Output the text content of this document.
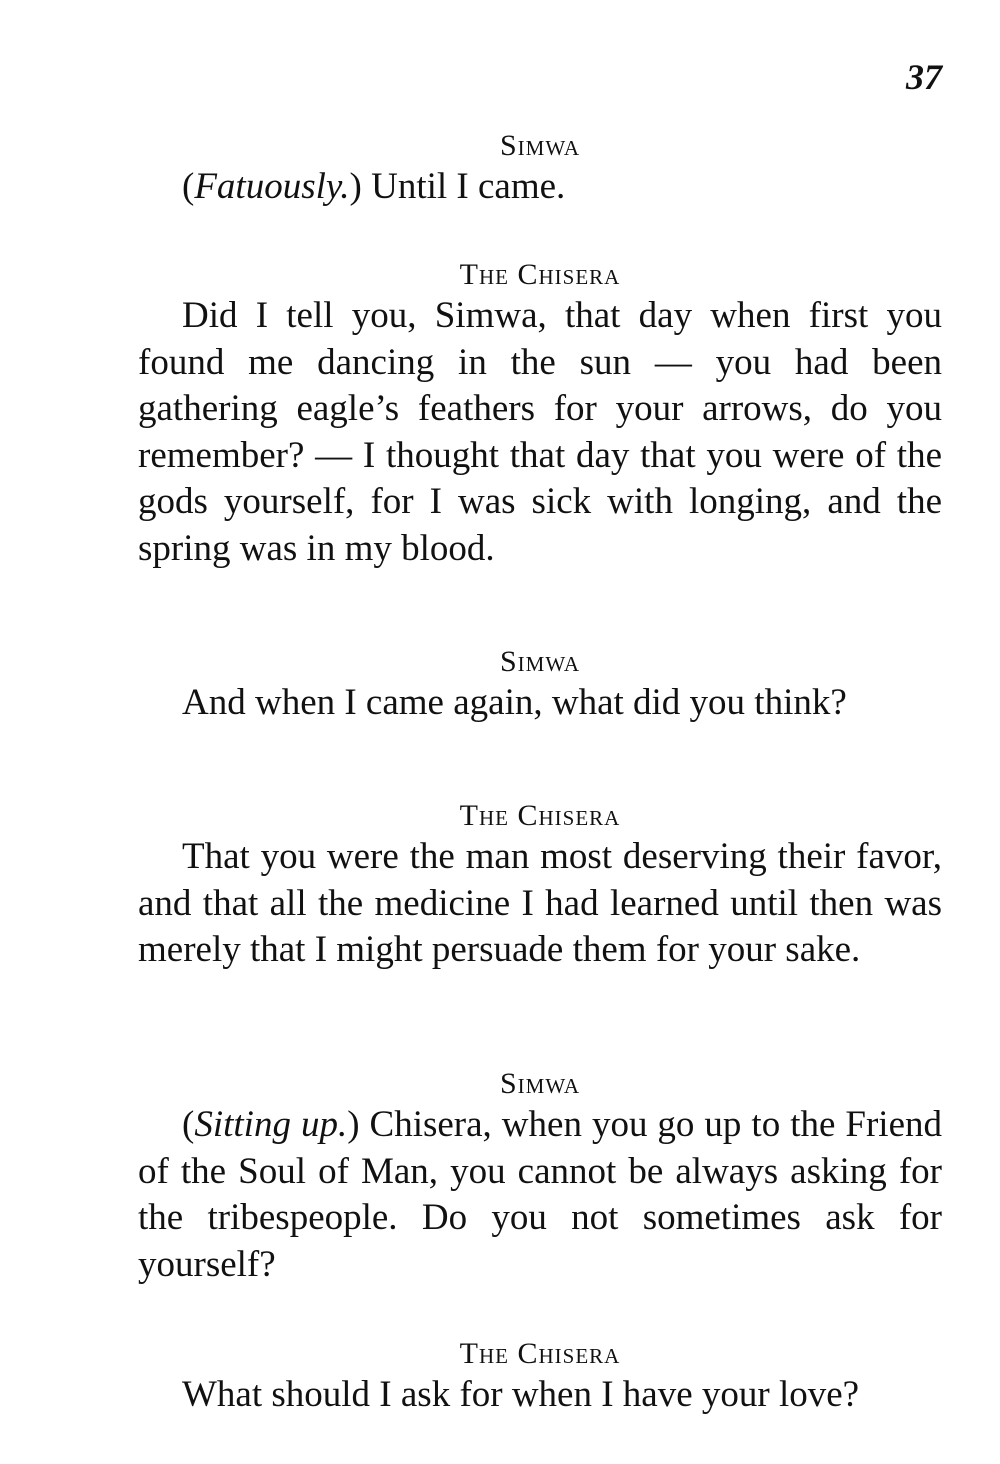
37

Simwa

(Fatuously.) Until I came.

The Chisera

Did I tell you, Simwa, that day when first you found me dancing in the sun — you had been gathering eagle’s feathers for your arrows, do you remember? — I thought that day that you were of the gods yourself, for I was sick with longing, and the spring was in my blood.

Simwa

And when I came again, what did you think?

The Chisera

That you were the man most deserving their favor, and that all the medicine I had learned until then was merely that I might persuade them for your sake.

Simwa

(Sitting up.) Chisera, when you go up to the Friend of the Soul of Man, you cannot be always asking for the tribespeople. Do you not sometimes ask for yourself?

The Chisera

What should I ask for when I have your love?
